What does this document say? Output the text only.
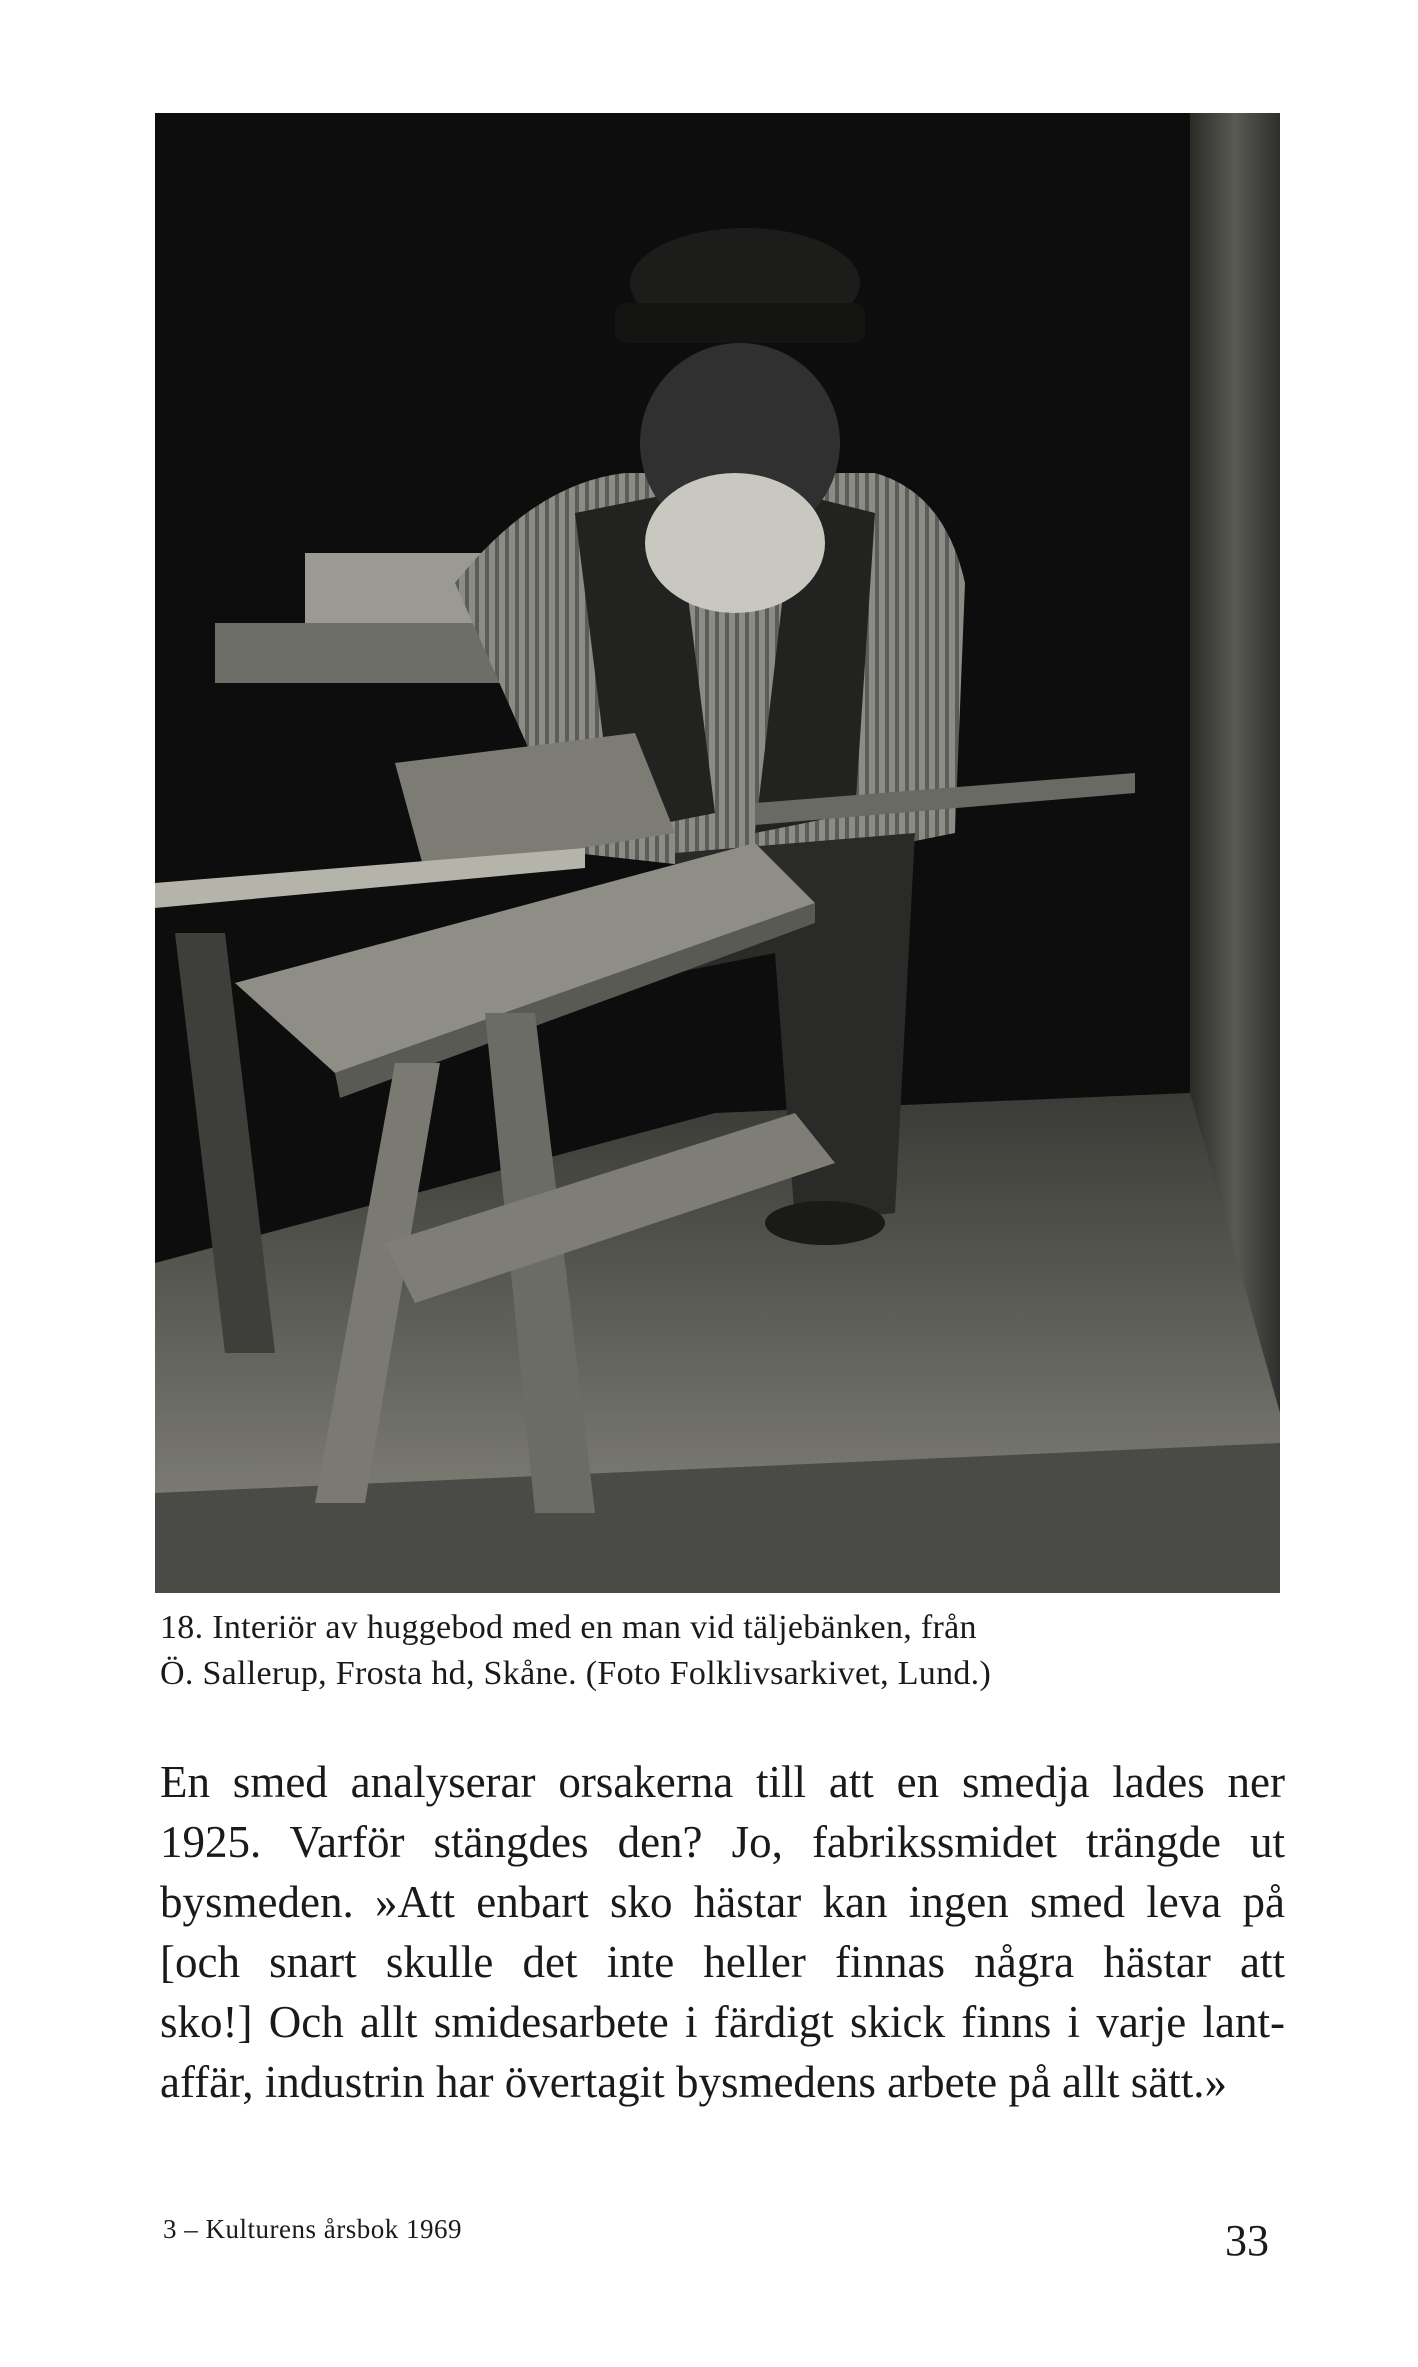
18. Interiör av huggebod med en man vid täljebänken, från

Ö. Sallerup, Frosta hd, Skåne. (Foto Folklivsarkivet, Lund.)

En smed analyserar orsakerna till att en smedja lades ner

1925. Varför stängdes den? Jo, fabrikssmidet trängde ut

bysmeden. »Att enbart sko hästar kan ingen smed leva på

[och snart skulle det inte heller finnas några hästar att

sko!] Och allt smidesarbete i färdigt skick finns i varje lant-

affär, industrin har övertagit bysmedens arbete på allt sätt.»

3 – Kulturens årsbok 1969	33
